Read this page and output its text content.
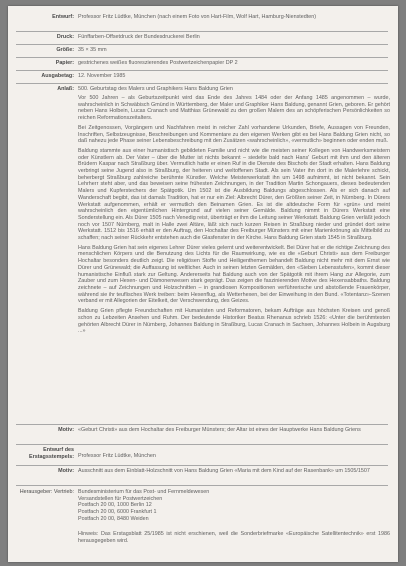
Entwurf: Professor Fritz Lüdtke, München (nach einem Foto von Hart-Film, Wolf Hart, Hamburg-Nienstedten)
Druck: Fünffarben-Offsetdruck der Bundesdruckerei Berlin
Größe: 35 × 35 mm
Papier: gestrichenes weißes fluoreszierendes Postwertzeichenpapier DP 2
Ausgabetag: 12. November 1985
Anlaß: 500. Geburtstag des Malers und Graphikers Hans Baldung Grien

Vor 500 Jahren – als Geburtszeitpunkt wird das Ende des Jahres 1484 oder der Anfang 1485 angenommen – wurde, wahrscheinlich in Schwäbisch Gmünd in Württemberg, der Maler und Graphiker Hans Baldung, genannt Grien, geboren. Er gehört neben Hans Holbein, Lucas Cranach und Matthias Grünewald zu den großen Malern des an schöpferischen Persönlichkeiten so reichen Reformationszeitalters.

Bei Zeitgenossen, Vorgängern und Nachfahren meist in reicher Zahl vorhandene Urkunden, Briefe, Aussagen von Freunden, Inschriften, Selbstzeugnisse, Beschreibungen und Kommentare zu den eigenen Werken gibt es bei Hans Baldung Grien nicht, so daß nahezu jede Phase seiner Lebensbeschreibung mit den Zusätzen «wahrscheinlich», «vermutlich» beginnen oder enden muß.

Baldung stammte aus einer humanistisch gebildeten Familie und nicht wie die meisten seiner Kollegen von Handwerksmeistern oder Künstlern ab. Der Vater – über die Mutter ist nichts bekannt – siedelte bald nach Hans' Geburt mit ihm und den älteren Brüdern Kaspar nach Straßburg über. Vermutlich hatte er einen Ruf in die Dienste des Bischofs der Stadt erhalten. Hans Baldung verbringt seine Jugend also in Straßburg, der heiteren und weltoffenen Stadt. Als sein Vater ihn dort in die Malerlehre schickt, beherbergt Straßburg zahlreiche berühmte Künstler. Welche Meisterwerkstatt ihn um 1498 aufnimmt, ist nicht bekannt. Sein Lehrherr steht aber, und das beweisen seine frühesten Zeichnungen, in der Tradition Martin Schongauers, dieses bedeutenden Malers und Kupferstechers der Spätgotik. Um 1502 ist die Ausbildung Baldungs abgeschlossen. Als er sich danach auf Wanderschaft begibt, das ist damals Tradition, hat er nur ein Ziel: Albrecht Dürer, den Größten seiner Zeit, in Nürnberg. In Dürers Werkstatt aufgenommen, erhält er vermutlich den Beinamen Grien. Es ist die altdeutsche Form für «grün» und meint wahrscheinlich den eigentümlichen Hintergrund auf vielen seiner Gemälde. Baldung nimmt in Dürers Werkstatt eine Sonderstellung ein. Als Dürer 1505 nach Venedig reist, überträgt er ihm die Leitung seiner Werkstatt. Baldung Grien verläßt jedoch noch vor 1507 Nürnberg, malt in Halle zwei Altäre, läßt sich nach kurzen Reisen in Straßburg nieder und gründet dort seine Werkstatt. 1512 bis 1516 erhält er den Auftrag, den Hochaltar des Freiburger Münsters mit einer Marienkrönung als Mittelbild zu schaffen; nach seiner Rückkehr entstehen auch die Glasfenster in der Kirche. Hans Baldung Grien starb 1545 in Straßburg.

Hans Baldung Grien hat sein eigenes Lehrer Dürer vieles gelernt und weiterentwickelt. Bei Dürer hat er die richtige Zeichnung des menschlichen Körpers und die Benutzung des Lichts für die Raumwirkung, wie es die «Geburt Christi» aus dem Freiburger Hochaltar besonders deutlich zeigt. Die religiösen Stoffe und Heiligenthemen behandelt Baldung nicht mehr mit dem Ernst wie Dürer und Grünewald; die Auffassung ist weltlicher. Auch in seinen letzten Gemälden, den «Sieben Lebensstufen», kommt dieser humanistische Einfluß stark zur Geltung. Andererseits hat Baldung auch von der Spätgotik mit ihrem Hang zur Allegorie, zum Zauber und zum Hexen- und Dämonenwesen stark geprägt. Das zeigen die faszinierenden Motive des Hexensabbaths. Baldung zeichnete – auf Zeichnungen und Holzschnitten – in grandiosen Kompositionen verführerische und abstoßende Frauenkörper, während sie ihr teuflisches Werk treiben: beim Hexenflug, als Wetterhexen, bei der Einweihung in den Bund. «Totentanz»-Szenen verband er mit Allegorien der Eitelkeit, der Verschwendung, des Geizes.

Baldung Grien pflegte Freundschaften mit Humanisten und Reformatoren, bekam Aufträge aus höchsten Kreisen und genoß schon zu Lebzeiten Ansehen und Ruhm. Der bedeutende Historiker Beatus Rhenanus schrieb 1526: «Unter die berühmtesten gehörten Albrecht Dürer in Nürnberg, Johannes Baldung in Straßburg, Lucas Cranach in Sachsen, Johannes Holbein in Augsburg ...»

Motiv: «Geburt Christi» aus dem Hochaltar des Freiburger Münsters; der Altar ist eines der Hauptwerke Hans Baldung Griens
Entwurf des Erstagsstempels: Professor Fritz Lüdtke, München
Motiv: Ausschnitt aus dem Einblatt-Holzschnitt von Hans Baldung Grien «Maria mit dem Kind auf der Rasenbank» um 1505/1507
Herausgeber: Vertrieb: Bundesministerium für das Post- und Fernmeldewesen
Versandstellen für Postwertzeichen
Postfach 20 00, 1000 Berlin 12
Postfach 20 00, 6000 Frankfurt 1
Postfach 20 00, 8480 Weiden
Hinweis: Das Erstagsblatt 25/1985 ist nicht erschienen, weil die Sonderbriefmarke «Europäische Satellitentechnik» erst 1986 herausgegeben wird.
